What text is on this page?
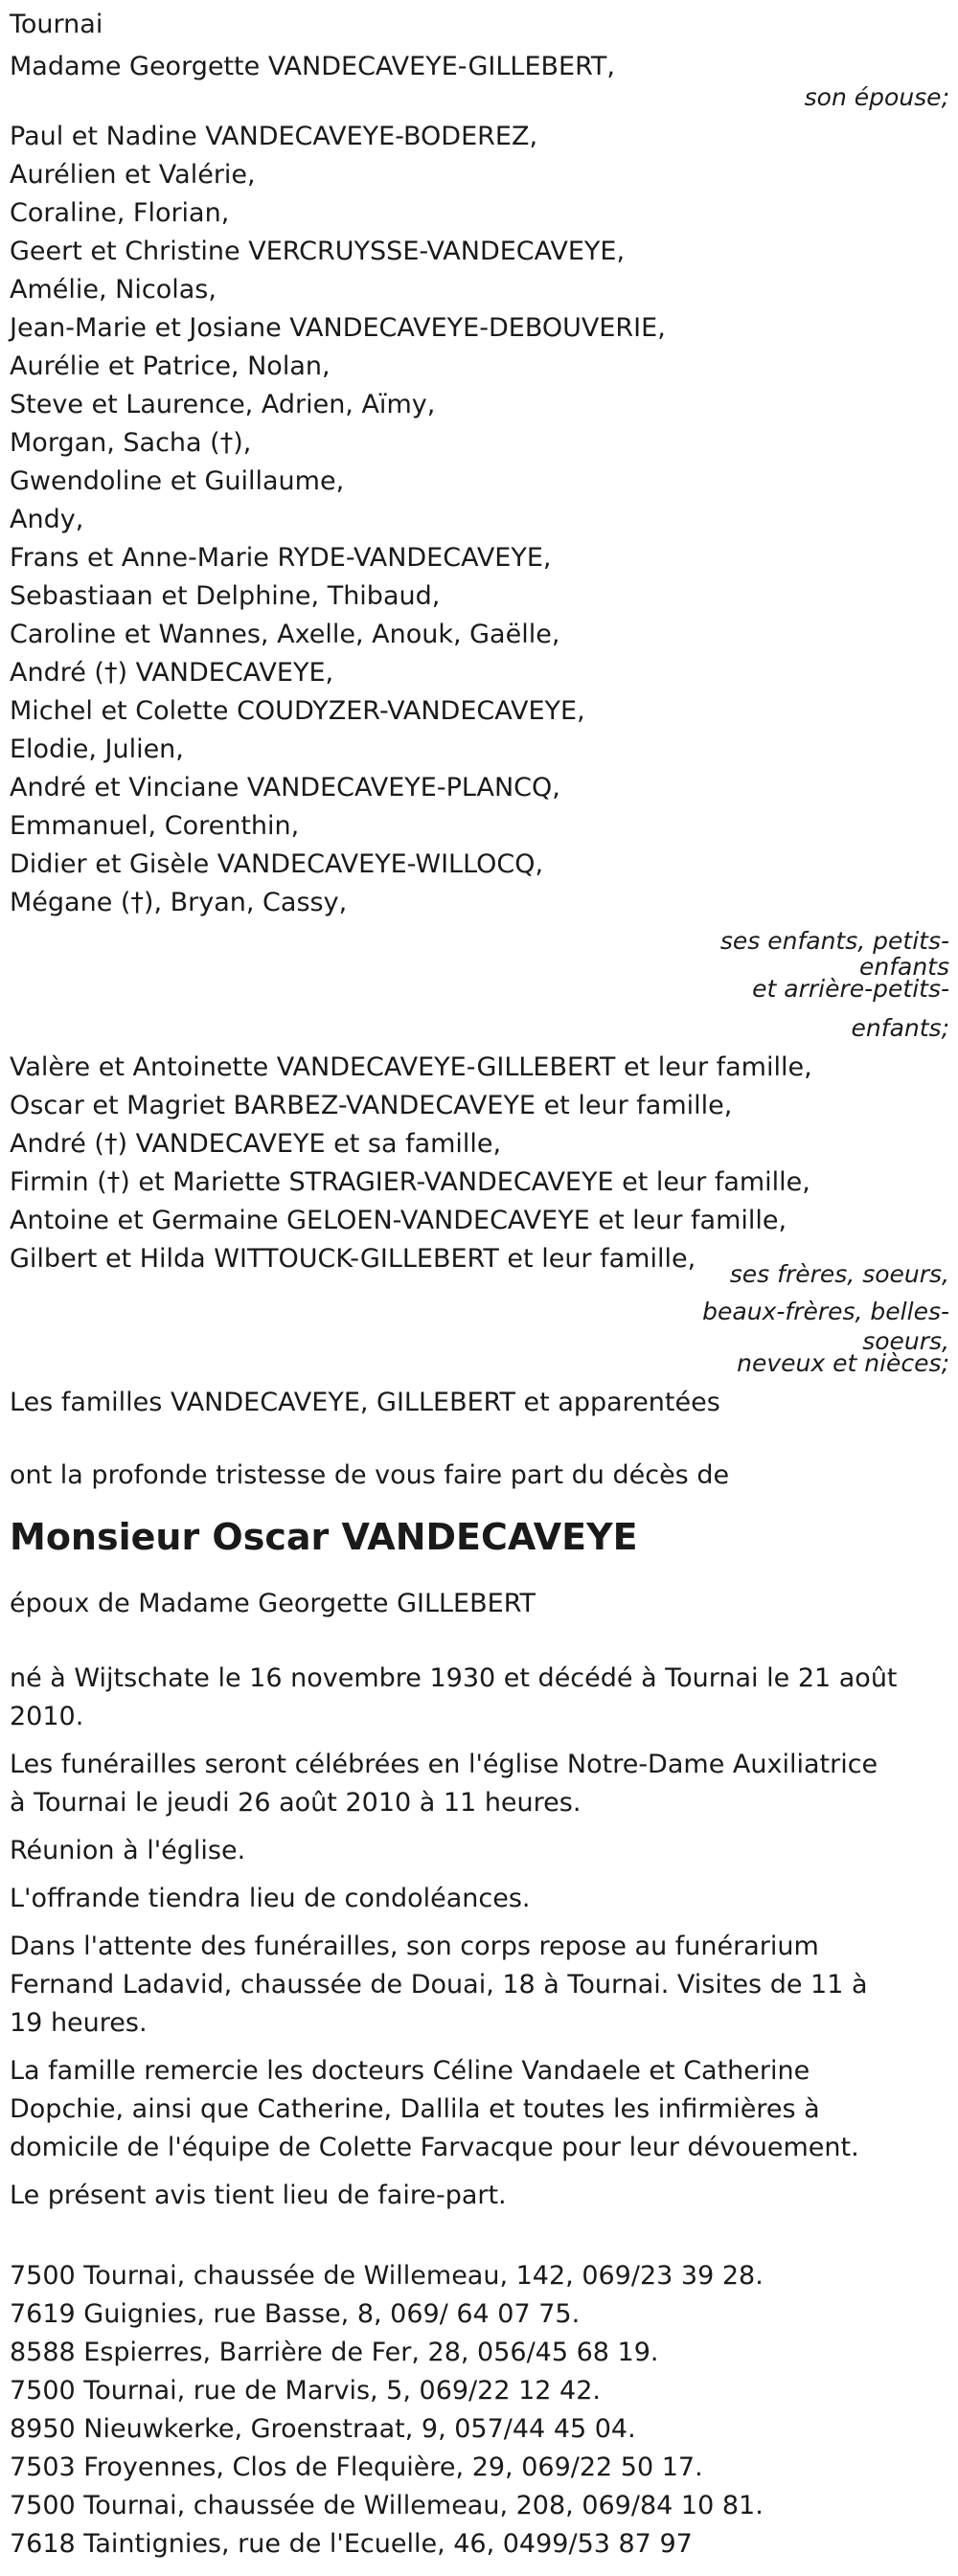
Tournai
Madame Georgette VANDECAVEYE-GILLEBERT,
son épouse;
Paul et Nadine VANDECAVEYE-BODEREZ,
Aurélien et Valérie,
Coraline, Florian,
Geert et Christine VERCRUYSSE-VANDECAVEYE,
Amélie, Nicolas,
Jean-Marie et Josiane VANDECAVEYE-DEBOUVERIE,
Aurélie et Patrice, Nolan,
Steve et Laurence, Adrien, Aïmy,
Morgan, Sacha (†),
Gwendoline et Guillaume,
Andy,
Frans et Anne-Marie RYDE-VANDECAVEYE,
Sebastiaan et Delphine, Thibaud,
Caroline et Wannes, Axelle, Anouk, Gaëlle,
André (†) VANDECAVEYE,
Michel et Colette COUDYZER-VANDECAVEYE,
Elodie, Julien,
André et Vinciane VANDECAVEYE-PLANCQ,
Emmanuel, Corenthin,
Didier et Gisèle VANDECAVEYE-WILLOCQ,
Mégane (†), Bryan, Cassy,
ses enfants, petits-
enfants
et arrière-petits-
enfants;
Valère et Antoinette VANDECAVEYE-GILLEBERT et leur famille,
Oscar et Magriet BARBEZ-VANDECAVEYE et leur famille,
André (†) VANDECAVEYE et sa famille,
Firmin (†) et Mariette STRAGIER-VANDECAVEYE et leur famille,
Antoine et Germaine GELOEN-VANDECAVEYE et leur famille,
Gilbert et Hilda WITTOUCK-GILLEBERT et leur famille,
ses frères, soeurs,
beaux-frères, belles-
soeurs,
neveux et nièces;
Les familles VANDECAVEYE, GILLEBERT et apparentées
ont la profonde tristesse de vous faire part du décès de
Monsieur Oscar VANDECAVEYE
époux de Madame Georgette GILLEBERT
né à Wijtschate le 16 novembre 1930 et décédé à Tournai le 21 août 2010.
Les funérailles seront célébrées en l'église Notre-Dame Auxiliatrice à Tournai le jeudi 26 août 2010 à 11 heures.
Réunion à l'église.
L'offrande tiendra lieu de condoléances.
Dans l'attente des funérailles, son corps repose au funérarium Fernand Ladavid, chaussée de Douai, 18 à Tournai. Visites de 11 à 19 heures.
La famille remercie les docteurs Céline Vandaele et Catherine Dopchie, ainsi que Catherine, Dallila et toutes les infirmières à domicile de l'équipe de Colette Farvacque pour leur dévouement.
Le présent avis tient lieu de faire-part.
7500 Tournai, chaussée de Willemeau, 142, 069/23 39 28.
7619 Guignies, rue Basse, 8, 069/ 64 07 75.
8588 Espierres, Barrière de Fer, 28, 056/45 68 19.
7500 Tournai, rue de Marvis, 5, 069/22 12 42.
8950 Nieuwkerke, Groenstraat, 9, 057/44 45 04.
7503 Froyennes, Clos de Flequière, 29, 069/22 50 17.
7500 Tournai, chaussée de Willemeau, 208, 069/84 10 81.
7618 Taintignies, rue de l'Ecuelle, 46, 0499/53 87 97
